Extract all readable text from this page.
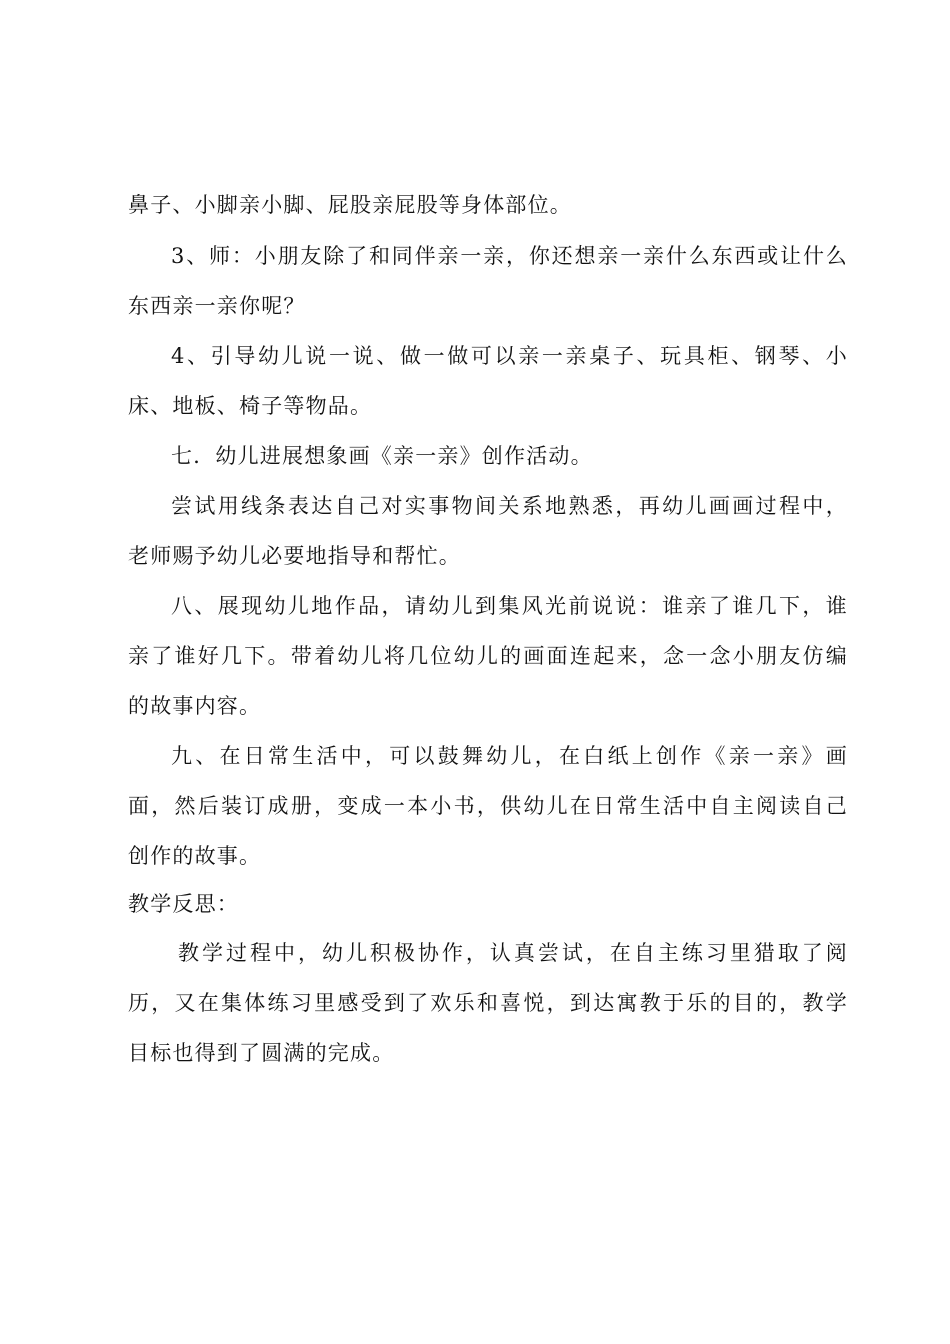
鼻子、小脚亲小脚、屁股亲屁股等身体部位。
3、师：小朋友除了和同伴亲一亲，你还想亲一亲什么东西或让什么
东西亲一亲你呢？
4、引导幼儿说一说、做一做可以亲一亲桌子、玩具柜、钢琴、小
床、地板、椅子等物品。
七．幼儿进展想象画《亲一亲》创作活动。
尝试用线条表达自己对实事物间关系地熟悉，再幼儿画画过程中，
老师赐予幼儿必要地指导和帮忙。
八、展现幼儿地作品，请幼儿到集风光前说说：谁亲了谁几下，谁
亲了谁好几下。带着幼儿将几位幼儿的画面连起来，念一念小朋友仿编
的故事内容。
九、在日常生活中，可以鼓舞幼儿，在白纸上创作《亲一亲》画
面，然后装订成册，变成一本小书，供幼儿在日常生活中自主阅读自己
创作的故事。
教学反思：
教学过程中，幼儿积极协作，认真尝试，在自主练习里猎取了阅
历，又在集体练习里感受到了欢乐和喜悦，到达寓教于乐的目的，教学
目标也得到了圆满的完成。
